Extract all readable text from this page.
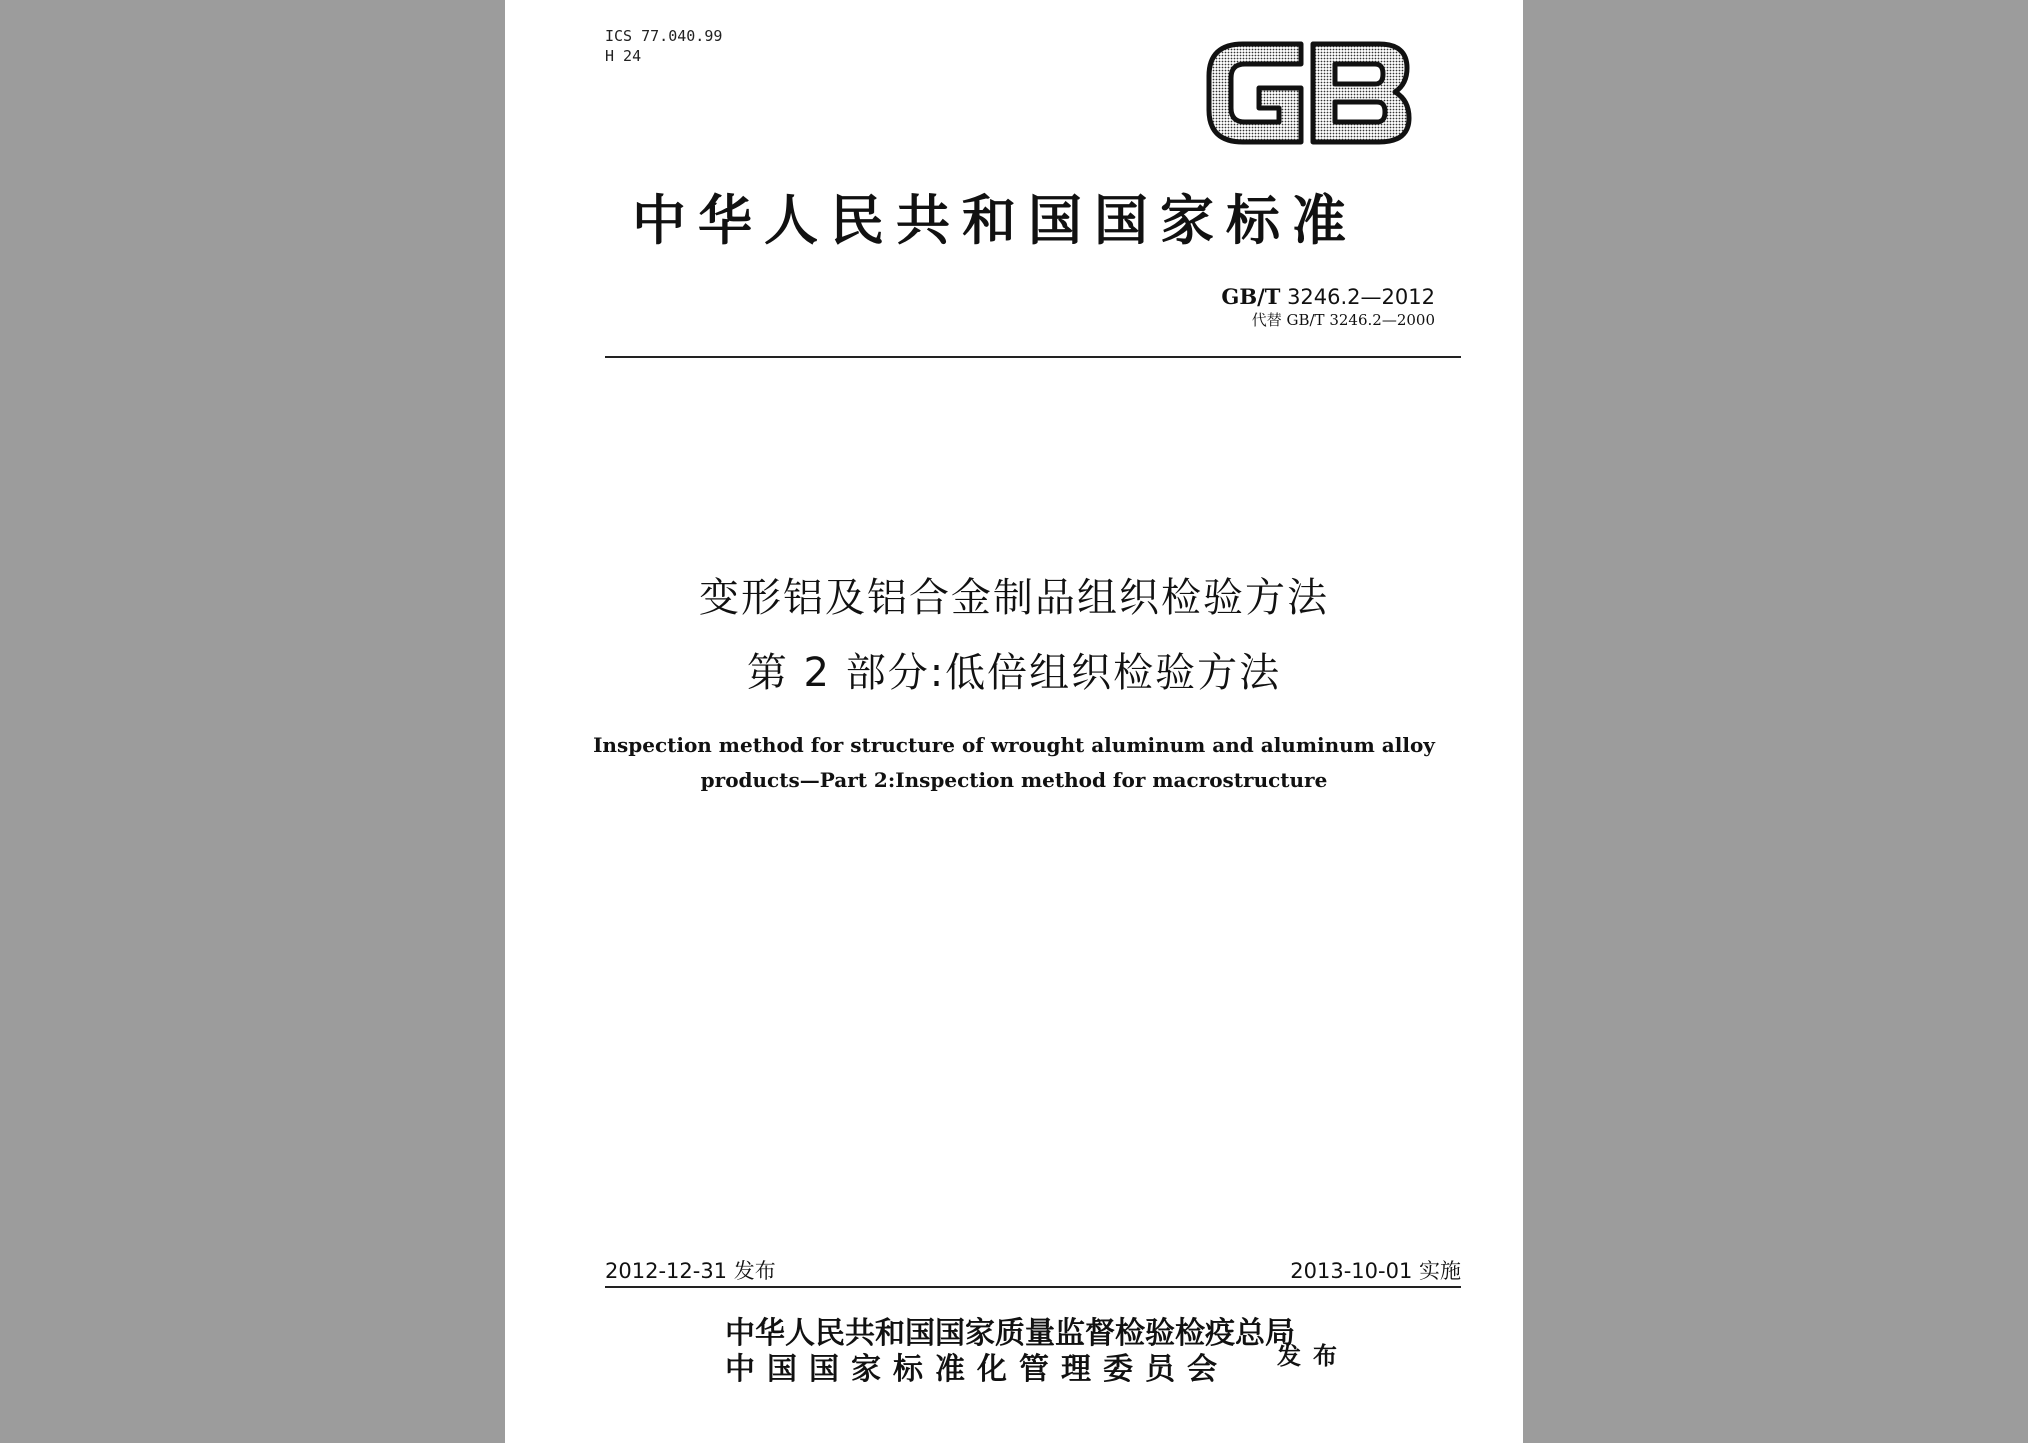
ICS 77.040.99
H 24
中华人民共和国国家标准
GB/T 3246.2—2012
代替 GB/T 3246.2—2000
变形铝及铝合金制品组织检验方法
第 2 部分:低倍组织检验方法
Inspection method for structure of wrought aluminum and aluminum alloy
products—Part 2:Inspection method for macrostructure
2012-12-31 发布	2013-10-01 实施
中华人民共和国国家质量监督检验检疫总局
中国国家标准化管理委员会	发布
